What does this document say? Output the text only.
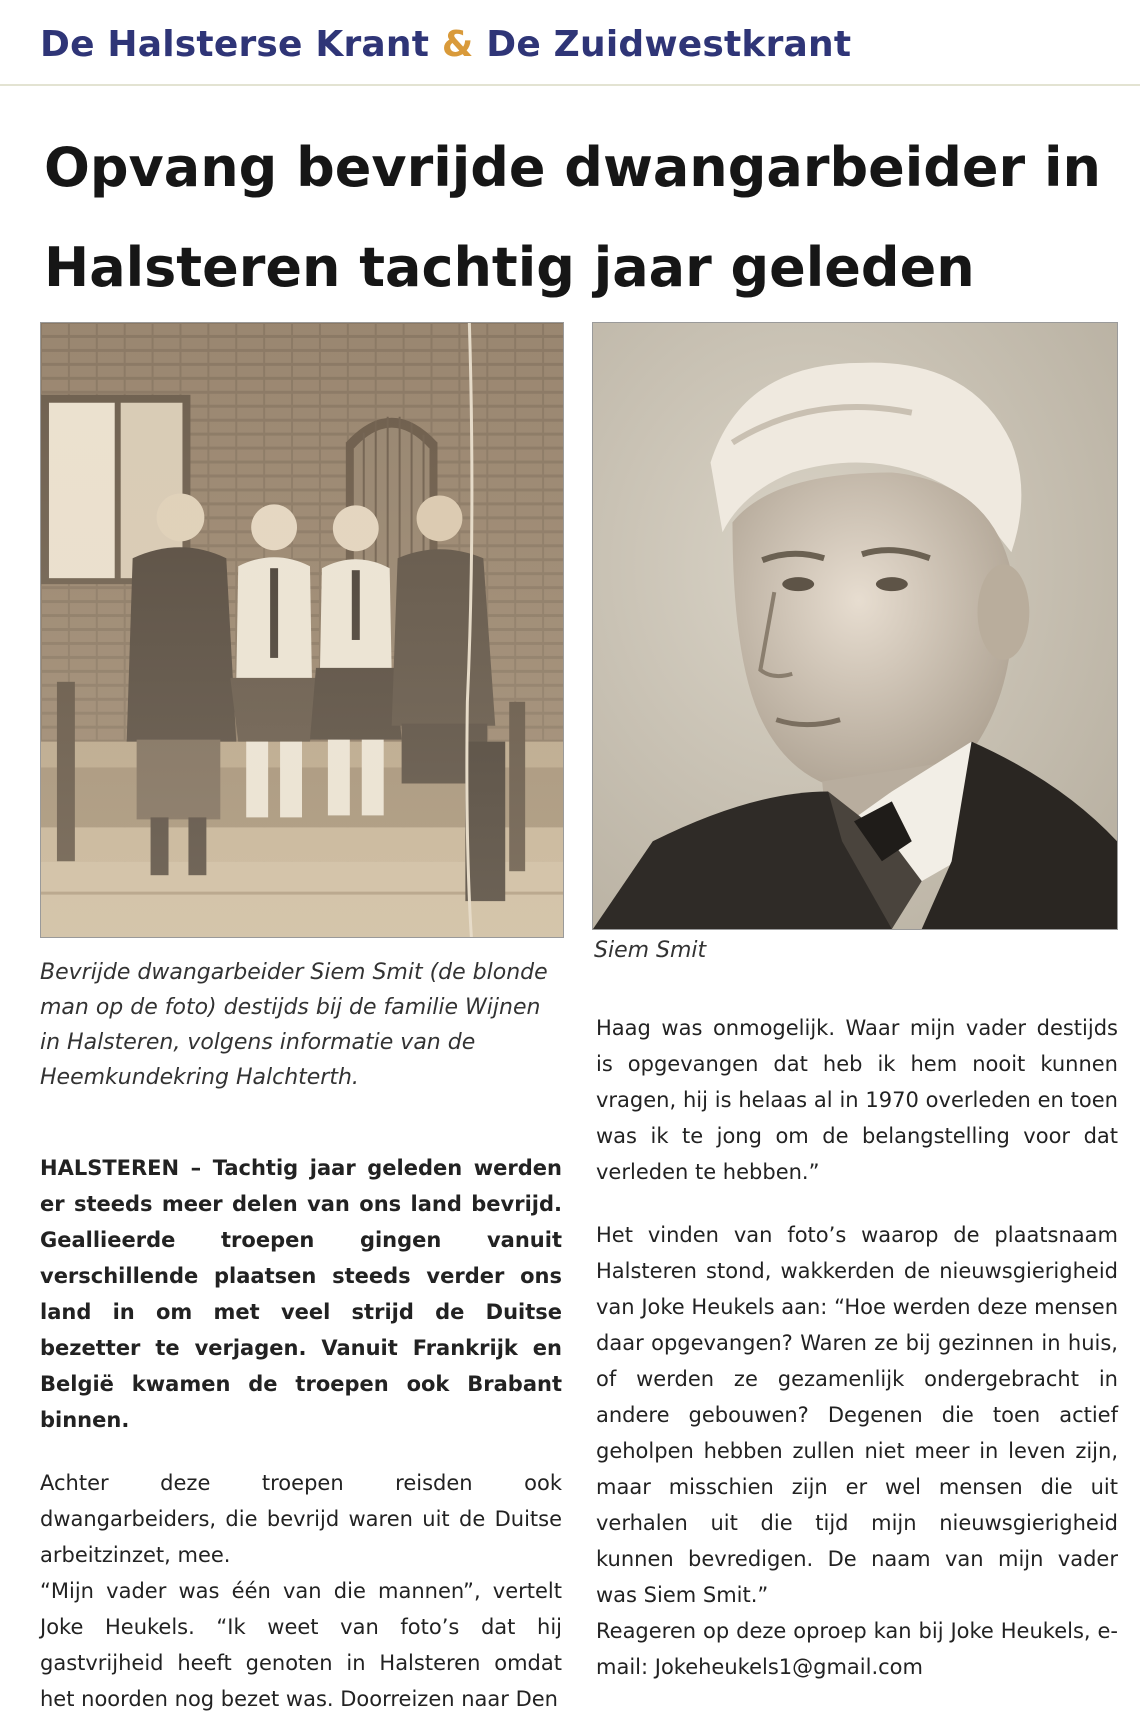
De Halsterse Krant & De Zuidwestkrant
Opvang bevrijde dwangarbeider in
Halsteren tachtig jaar geleden

Bevrijde dwangarbeider Siem Smit (de blonde man op de foto) destijds bij de familie Wijnen in Halsteren, volgens informatie van de Heemkundekring Halchterth.

Siem Smit

HALSTEREN – Tachtig jaar geleden werden er steeds meer delen van ons land bevrijd. Geallieerde troepen gingen vanuit verschillende plaatsen steeds verder ons land in om met veel strijd de Duitse bezetter te verjagen. Vanuit Frankrijk en België kwamen de troepen ook Brabant binnen.

Achter deze troepen reisden ook dwangarbeiders, die bevrijd waren uit de Duitse arbeitzinzet, mee.

“Mijn vader was één van die mannen”, vertelt Joke Heukels. “Ik weet van foto’s dat hij gastvrijheid heeft genoten in Halsteren omdat het noorden nog bezet was. Doorreizen naar Den

Haag was onmogelijk. Waar mijn vader destijds is opgevangen dat heb ik hem nooit kunnen vragen, hij is helaas al in 1970 overleden en toen was ik te jong om de belangstelling voor dat verleden te hebben.”

Het vinden van foto’s waarop de plaatsnaam Halsteren stond, wakkerden de nieuwsgierigheid van Joke Heukels aan: “Hoe werden deze mensen daar opgevangen? Waren ze bij gezinnen in huis, of werden ze gezamenlijk ondergebracht in andere gebouwen? Degenen die toen actief geholpen hebben zullen niet meer in leven zijn, maar misschien zijn er wel mensen die uit verhalen uit die tijd mijn nieuwsgierigheid kunnen bevredigen. De naam van mijn vader was Siem Smit.”

Reageren op deze oproep kan bij Joke Heukels, e-mail: Jokeheukels1@gmail.com
